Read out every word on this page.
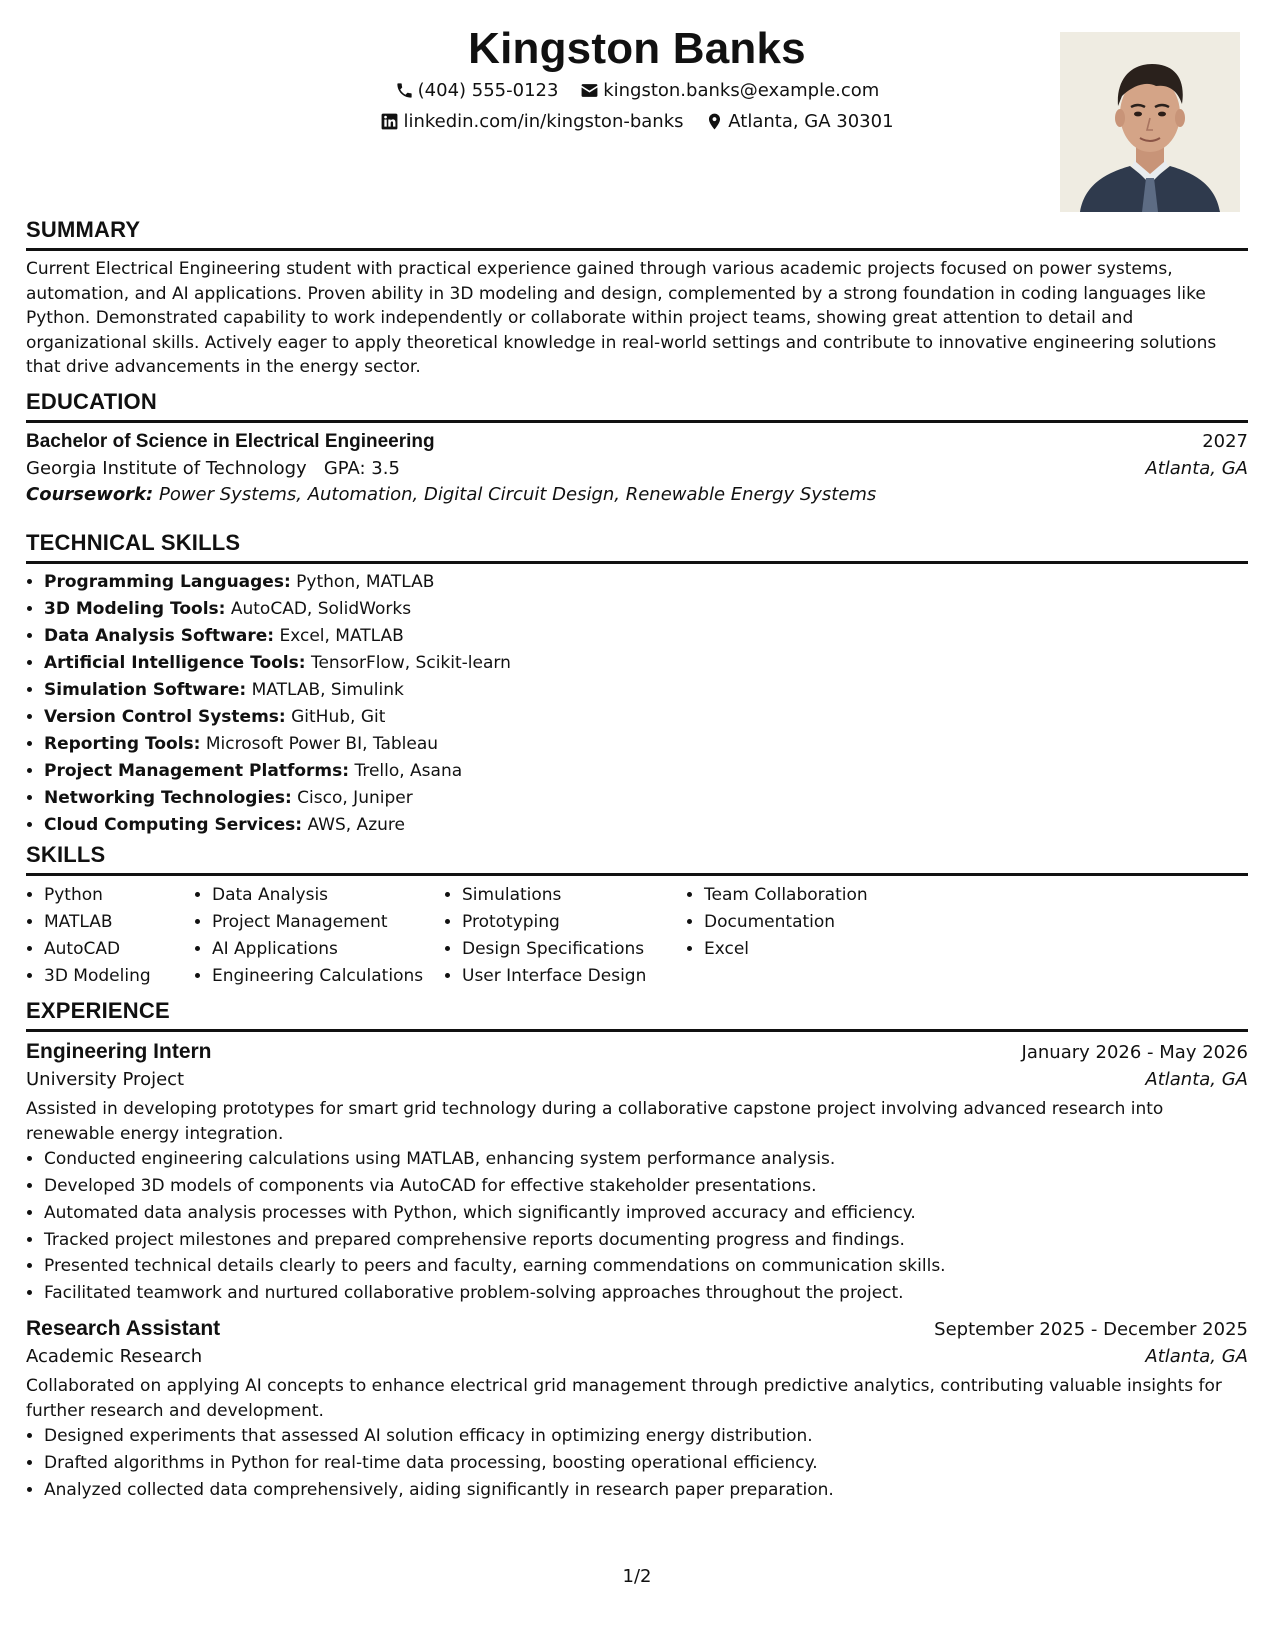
Kingston Banks
(404) 555-0123
kingston.banks@example.com
linkedin.com/in/kingston-banks
Atlanta, GA 30301
SUMMARY

Current Electrical Engineering student with practical experience gained through various academic projects focused on power systems, automation, and AI applications. Proven ability in 3D modeling and design, complemented by a strong foundation in coding languages like Python. Demonstrated capability to work independently or collaborate within project teams, showing great attention to detail and organizational skills. Actively eager to apply theoretical knowledge in real-world settings and contribute to innovative engineering solutions that drive advancements in the energy sector.

EDUCATION
Bachelor of Science in Electrical Engineering	2027
Georgia Institute of Technology GPA: 3.5	Atlanta, GA
Coursework: Power Systems, Automation, Digital Circuit Design, Renewable Energy Systems
TECHNICAL SKILLS
• Programming Languages: Python, MATLAB
• 3D Modeling Tools: AutoCAD, SolidWorks
• Data Analysis Software: Excel, MATLAB
• Artificial Intelligence Tools: TensorFlow, Scikit-learn
• Simulation Software: MATLAB, Simulink
• Version Control Systems: GitHub, Git
• Reporting Tools: Microsoft Power BI, Tableau
• Project Management Platforms: Trello, Asana
• Networking Technologies: Cisco, Juniper
• Cloud Computing Services: AWS, Azure
SKILLS
• Python
• MATLAB
• AutoCAD
• 3D Modeling
• Data Analysis
• Project Management
• AI Applications
• Engineering Calculations
• Simulations
• Prototyping
• Design Specifications
• User Interface Design
• Team Collaboration
• Documentation
• Excel
EXPERIENCE
Engineering Intern	January 2026 - May 2026
University Project	Atlanta, GA

Assisted in developing prototypes for smart grid technology during a collaborative capstone project involving advanced research into renewable energy integration.

• Conducted engineering calculations using MATLAB, enhancing system performance analysis.
• Developed 3D models of components via AutoCAD for effective stakeholder presentations.
• Automated data analysis processes with Python, which significantly improved accuracy and efficiency.
• Tracked project milestones and prepared comprehensive reports documenting progress and findings.
• Presented technical details clearly to peers and faculty, earning commendations on communication skills.
• Facilitated teamwork and nurtured collaborative problem-solving approaches throughout the project.
Research Assistant	September 2025 - December 2025
Academic Research	Atlanta, GA

Collaborated on applying AI concepts to enhance electrical grid management through predictive analytics, contributing valuable insights for further research and development.

• Designed experiments that assessed AI solution efficacy in optimizing energy distribution.
• Drafted algorithms in Python for real-time data processing, boosting operational efficiency.
• Analyzed collected data comprehensively, aiding significantly in research paper preparation.
1/2
